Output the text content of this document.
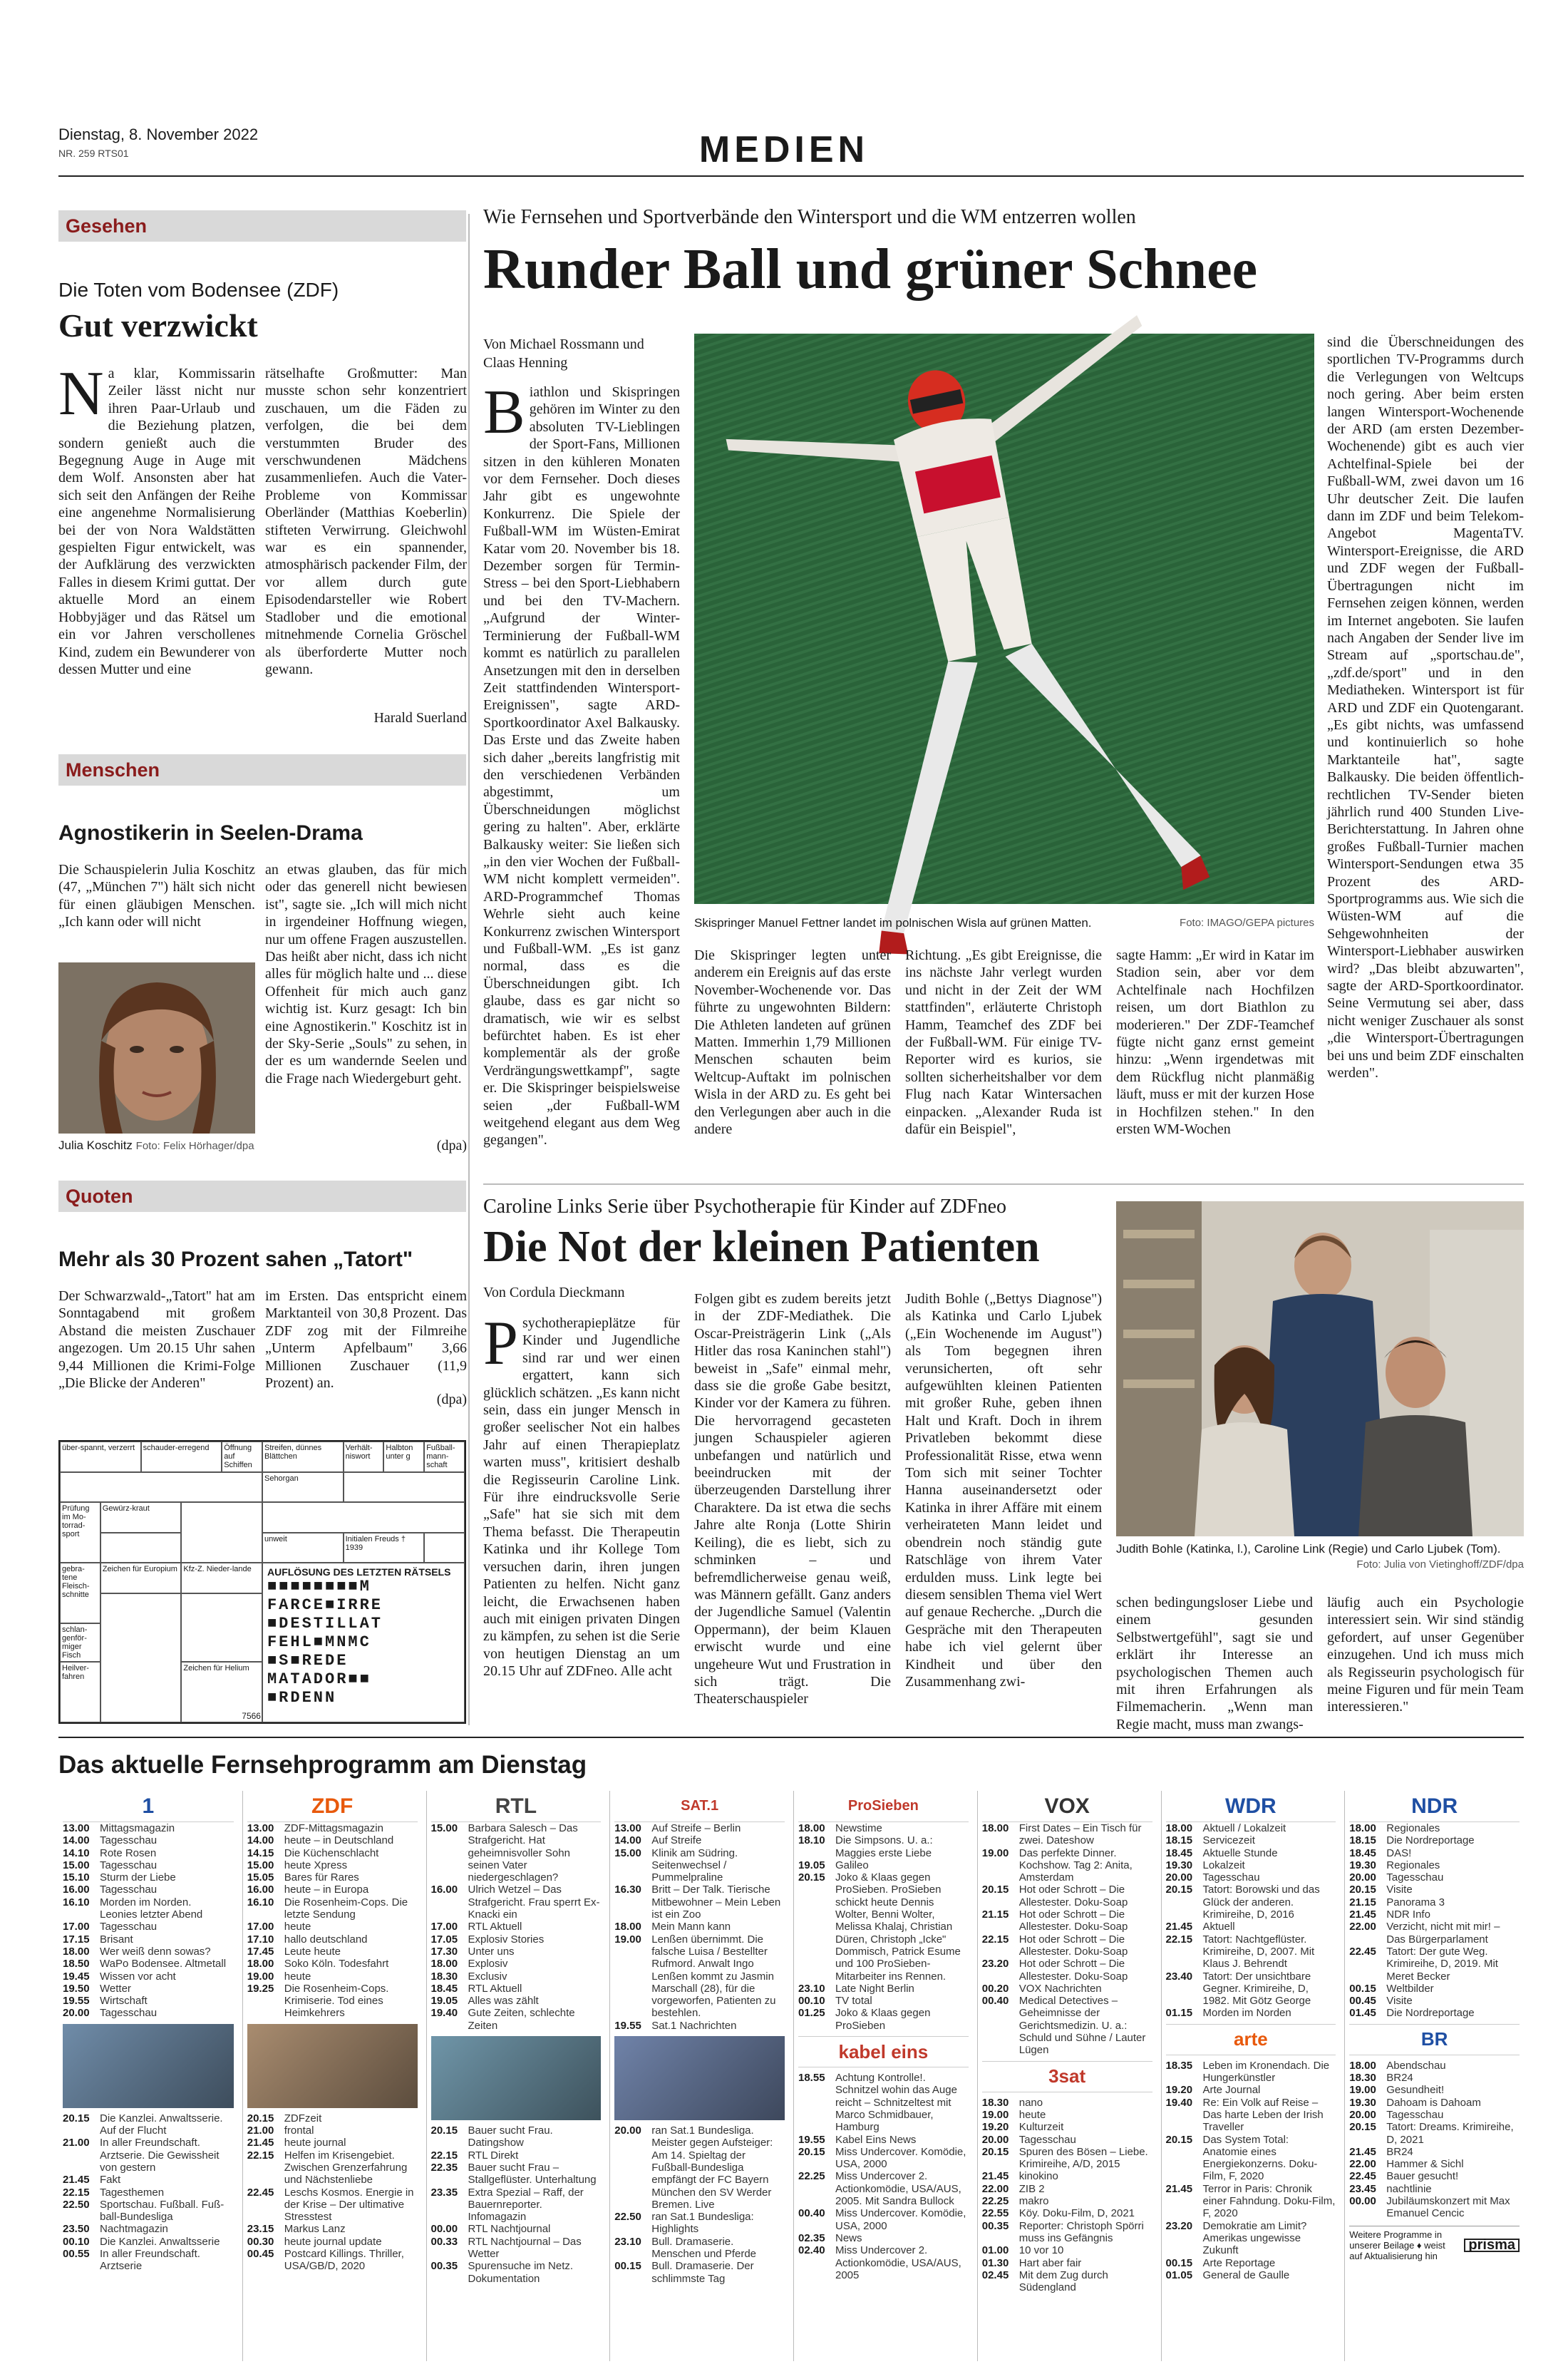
Dienstag, 8. November 2022
NR. 259 RTS01	MEDIEN
Gesehen
Die Toten vom Bodensee (ZDF)
Gut verzwickt
Na klar, Kommissarin Zeiler lässt nicht nur ihren Paar-Urlaub und die Beziehung platzen, sondern genießt auch die Begegnung Auge in Auge mit dem Wolf. Ansonsten aber hat sich seit den Anfängen der Reihe eine angenehme Normalisierung bei der von Nora Waldstätten gespielten Figur entwickelt, was der Aufklärung des verzwickten Falles in diesem Krimi guttat. Der aktuelle Mord an einem Hobbyjäger und das Rätsel um ein vor Jahren verschollenes Kind, zudem ein Bewunderer von dessen Mutter und eine
rätselhafte Großmutter: Man musste schon sehr konzentriert zuschauen, um die Fäden zu verfolgen, die bei dem verstummten Bruder des verschwundenen Mädchens zusammenliefen. Auch die Vater-Probleme von Kommissar Oberländer (Matthias Koeberlin) stifteten Verwirrung. Gleichwohl war es ein spannender, atmosphärisch packender Film, der vor allem durch gute Episodendarsteller wie Robert Stadlober und die emotional mitnehmende Cornelia Gröschel als überforderte Mutter noch gewann.
Harald Suerland
Menschen
Agnostikerin in Seelen-Drama
Die Schauspielerin Julia Koschitz (47, „München 7") hält sich nicht für einen gläubigen Menschen. „Ich kann oder will nicht
Julia Koschitz Foto: Felix Hörhager/dpa
an etwas glauben, das für mich oder das generell nicht bewiesen ist", sagte sie. „Ich will mich nicht in irgendeiner Hoffnung wiegen, nur um offene Fragen auszustellen. Das heißt aber nicht, dass ich nicht alles für möglich halte und ... diese Offenheit für mich auch ganz wichtig ist. Kurz gesagt: Ich bin eine Agnostikerin." Koschitz ist in der Sky-Serie „Souls" zu sehen, in der es um wandernde Seelen und die Frage nach Wiedergeburt geht.
(dpa)
Quoten
Mehr als 30 Prozent sahen „Tatort"
Der Schwarzwald-„Tatort" hat am Sonntagabend mit großem Abstand die meisten Zuschauer angezogen. Um 20.15 Uhr sahen 9,44 Millionen die Krimi-Folge „Die Blicke der Anderen"
im Ersten. Das entspricht einem Marktanteil von 30,8 Prozent. Das ZDF zog mit der Filmreihe „Unterm Apfelbaum" 3,66 Millionen Zuschauer (11,9 Prozent) an.
(dpa)
über-spannt, verzerrt	schauder-erregend	Öffnung auf Schiffen
Streifen, dünnes Blättchen
Verhält-niswort
Halbton unter g
Fußball-mann-schaft
Sehorgan
Prüfung im Mo-torrad-sport
Gewürz-kraut
unweit	Initialen Freuds † 1939
gebra-tene Fleisch-schnitte
Zeichen für Europium Kfz-Z. Nieder-lande
schlan-genför-miger Fisch
Heilver-fahren
Zeichen für Helium
AUFLÖSUNG DES LETZTEN RÄTSELS
■■■■■■■■M
FARCE■IRRE
■DESTILLAT
FEHL■MNMC
■S■REDE
MATADOR■■
■RDENN
7566
Wie Fernsehen und Sportverbände den Wintersport und die WM entzerren wollen
Runder Ball und grüner Schnee
Von Michael Rossmann und Claas Henning
Biathlon und Skispringen gehören im Winter zu den absoluten TV-Lieblingen der Sport-Fans, Millionen sitzen in den kühleren Monaten vor dem Fernseher. Doch dieses Jahr gibt es ungewohnte Konkurrenz. Die Spiele der Fußball-WM im Wüsten-Emirat Katar vom 20. November bis 18. Dezember sorgen für Termin-Stress – bei den Sport-Liebhabern und bei den TV-Machern. „Aufgrund der Winter-Terminierung der Fußball-WM kommt es natürlich zu parallelen Ansetzungen mit den in derselben Zeit stattfindenden Wintersport-Ereignissen", sagte ARD-Sportkoordinator Axel Balkausky. Das Erste und das Zweite haben sich daher „bereits langfristig mit den verschiedenen Verbänden abgestimmt, um Überschneidungen möglichst gering zu halten". Aber, erklärte Balkausky weiter: Sie ließen sich „in den vier Wochen der Fußball-WM nicht komplett vermeiden". ARD-Programmchef Thomas Wehrle sieht auch keine Konkurrenz zwischen Wintersport und Fußball-WM. „Es ist ganz normal, dass es die Überschneidungen gibt. Ich glaube, dass es gar nicht so dramatisch, wie wir es selbst befürchtet haben. Es ist eher komplementär als der große Verdrängungswettkampf", sagte er. Die Skispringer beispielsweise seien „der Fußball-WM weitgehend elegant aus dem Weg gegangen".
Skispringer Manuel Fettner landet im polnischen Wisla auf grünen Matten.	Foto: IMAGO/GEPA pictures
Die Skispringer legten unter anderem ein Ereignis auf das erste November-Wochenende vor. Das führte zu ungewohnten Bildern: Die Athleten landeten auf grünen Matten. Immerhin 1,79 Millionen Menschen schauten beim Weltcup-Auftakt im polnischen Wisla in der ARD zu. Es geht bei den Verlegungen aber auch in die andere
Richtung. „Es gibt Ereignisse, die ins nächste Jahr verlegt wurden und nicht in der Zeit der WM stattfinden", erläuterte Christoph Hamm, Teamchef des ZDF bei der Fußball-WM. Für einige TV-Reporter wird es kurios, sie sollten sicherheitshalber vor dem Flug nach Katar Wintersachen einpacken. „Alexander Ruda ist dafür ein Beispiel",
sagte Hamm: „Er wird in Katar im Stadion sein, aber vor dem Achtelfinale nach Hochfilzen reisen, um dort Biathlon zu moderieren." Der ZDF-Teamchef fügte nicht ganz ernst gemeint hinzu: „Wenn irgendetwas mit dem Rückflug nicht planmäßig läuft, muss er mit der kurzen Hose in Hochfilzen stehen." In den ersten WM-Wochen
sind die Überschneidungen des sportlichen TV-Programms durch die Verlegungen von Weltcups noch gering. Aber beim ersten langen Wintersport-Wochenende der ARD (am ersten Dezember-Wochenende) gibt es auch vier Achtelfinal-Spiele bei der Fußball-WM, zwei davon um 16 Uhr deutscher Zeit. Die laufen dann im ZDF und beim Telekom-Angebot MagentaTV. Wintersport-Ereignisse, die ARD und ZDF wegen der Fußball-Übertragungen nicht im Fernsehen zeigen können, werden im Internet angeboten. Sie laufen nach Angaben der Sender live im Stream auf „sportschau.de", „zdf.de/sport" und in den Mediatheken. Wintersport ist für ARD und ZDF ein Quotengarant. „Es gibt nichts, was umfassend und kontinuierlich so hohe Marktanteile hat", sagte Balkausky. Die beiden öffentlich-rechtlichen TV-Sender bieten jährlich rund 400 Stunden Live-Berichterstattung. In Jahren ohne großes Fußball-Turnier machen Wintersport-Sendungen etwa 35 Prozent des ARD-Sportprogramms aus. Wie sich die Wüsten-WM auf die Sehgewohnheiten der Wintersport-Liebhaber auswirken wird? „Das bleibt abzuwarten", sagte der ARD-Sportkoordinator. Seine Vermutung sei aber, dass nicht weniger Zuschauer als sonst „die Wintersport-Übertragungen bei uns und beim ZDF einschalten werden".
Caroline Links Serie über Psychotherapie für Kinder auf ZDFneo
Die Not der kleinen Patienten
Von Cordula Dieckmann
Psychotherapieplätze für Kinder und Jugendliche sind rar und wer einen ergattert, kann sich glücklich schätzen. „Es kann nicht sein, dass ein junger Mensch in großer seelischer Not ein halbes Jahr auf einen Therapieplatz warten muss", kritisiert deshalb die Regisseurin Caroline Link. Für ihre eindrucksvolle Serie „Safe" hat sie sich mit dem Thema befasst. Die Therapeutin Katinka und ihr Kollege Tom versuchen darin, ihren jungen Patienten zu helfen. Nicht ganz leicht, die Erwachsenen haben auch mit einigen privaten Dingen zu kämpfen, zu sehen ist die Serie von heutigen Dienstag an um 20.15 Uhr auf ZDFneo. Alle acht
Folgen gibt es zudem bereits jetzt in der ZDF-Mediathek. Die Oscar-Preisträgerin Link („Als Hitler das rosa Kaninchen stahl") beweist in „Safe" einmal mehr, dass sie die große Gabe besitzt, Kinder vor der Kamera zu führen. Die hervorragend gecasteten jungen Schauspieler agieren unbefangen und natürlich und beeindrucken mit der überzeugenden Darstellung ihrer Charaktere. Da ist etwa die sechs Jahre alte Ronja (Lotte Shirin Keiling), die es liebt, sich zu schminken – und befremdlicherweise genau weiß, was Männern gefällt. Ganz anders der Jugendliche Samuel (Valentin Oppermann), der beim Klauen erwischt wurde und eine ungeheure Wut und Frustration in sich trägt. Die Theaterschauspieler
Judith Bohle („Bettys Diagnose") als Katinka und Carlo Ljubek („Ein Wochenende im August") als Tom begegnen ihren verunsicherten, oft sehr aufgewühlten kleinen Patienten mit großer Ruhe, geben ihnen Halt und Kraft. Doch in ihrem Privatleben bekommt diese Professionalität Risse, etwa wenn Tom sich mit seiner Tochter Hanna auseinandersetzt oder Katinka in ihrer Affäre mit einem verheirateten Mann leidet und obendrein noch ständig gute Ratschläge von ihrem Vater erdulden muss. Link legte bei diesem sensiblen Thema viel Wert auf genaue Recherche. „Durch die Gespräche mit den Therapeuten habe ich viel gelernt über Kindheit und über den Zusammenhang zwi-
Judith Bohle (Katinka, l.), Caroline Link (Regie) und Carlo Ljubek (Tom).
Foto: Julia von Vietinghoff/ZDF/dpa
schen bedingungsloser Liebe und einem gesunden Selbstwertgefühl", sagt sie und erklärt ihr Interesse an psychologischen Themen auch mit ihren Erfahrungen als Filmemacherin. „Wenn man Regie macht, muss man zwangs-
läufig auch ein Psychologie interessiert sein. Wir sind ständig gefordert, auf unser Gegenüber einzugehen. Und ich muss mich als Regisseurin psychologisch für meine Figuren und für mein Team interessieren."
Das aktuelle Fernsehprogramm am Dienstag
1
13.00 Mittagsmagazin
14.00 Tagesschau
14.10 Rote Rosen
15.00 Tagesschau
15.10 Sturm der Liebe
16.00 Tagesschau
16.10 Morden im Norden.
Leonies letzter Abend
17.00 Tagesschau
17.15 Brisant
18.00 Wer weiß denn sowas?
18.50 WaPo Bodensee. Altmetall
19.45 Wissen vor acht
19.50 Wetter
19.55 Wirtschaft
20.00 Tagesschau
20.15 Die Kanzlei. Anwaltsserie. Auf der Flucht
21.00 In aller Freundschaft. Arztserie. Die Gewissheit von gestern
21.45 Fakt
22.15 Tagesthemen
22.50 Sportschau. Fußball. Fuß-ball-Bundesliga
23.50 Nachtmagazin
00.10 Die Kanzlei. Anwaltsserie
00.55 In aller Freundschaft. Arztserie
ZDF
13.00 ZDF-Mittagsmagazin
14.00 heute – in Deutschland
14.15 Die Küchenschlacht
15.00 heute Xpress
15.05 Bares für Rares
16.00 heute – in Europa
16.10 Die Rosenheim-Cops. Die letzte Sendung
17.00 heute
17.10 hallo deutschland
17.45 Leute heute
18.00 Soko Köln. Todesfahrt
19.00 heute
19.25 Die Rosenheim-Cops. Krimiserie. Tod eines Heimkehrers
20.15 ZDFzeit
21.00 frontal
21.45 heute journal
22.15 Helfen im Krisengebiet. Zwischen Grenzerfahrung und Nächstenliebe
22.45 Leschs Kosmos. Energie in der Krise – Der ultimative Stresstest
23.15 Markus Lanz
00.30 heute journal update
00.45 Postcard Killings. Thriller, USA/GB/D, 2020
RTL
15.00 Barbara Salesch – Das Strafgericht. Hat geheimnisvoller Sohn seinen Vater niedergeschlagen?
16.00 Ulrich Wetzel – Das Strafgericht. Frau sperrt Ex-Knacki ein
17.00 RTL Aktuell
17.05 Explosiv Stories
17.30 Unter uns
18.00 Explosiv
18.30 Exclusiv
18.45 RTL Aktuell
19.05 Alles was zählt
19.40 Gute Zeiten, schlechte Zeiten
20.15 Bauer sucht Frau. Datingshow
22.15 RTL Direkt
22.35 Bauer sucht Frau – Stallgeflüster. Unterhaltung
23.35 Extra Spezial – Raff, der Bauernreporter. Infomagazin
00.00 RTL Nachtjournal
00.33 RTL Nachtjournal – Das Wetter
00.35 Spurensuche im Netz. Dokumentation
SAT.1
13.00 Auf Streife – Berlin
14.00 Auf Streife
15.00 Klinik am Südring. Seitenwechsel / Pummelpraline
16.30 Britt – Der Talk. Tierische Mitbewohner – Mein Leben ist ein Zoo
18.00 Mein Mann kann
19.00 Lenßen übernimmt. Die falsche Luisa / Bestellter Rufmord. Anwalt Ingo Lenßen kommt zu Jasmin Marschall (28), für die vorgeworfen, Patienten zu bestehlen.
19.55 Sat.1 Nachrichten
20.00 ran Sat.1 Bundesliga. Meister gegen Aufsteiger: Am 14. Spieltag der Fußball-Bundesliga empfängt der FC Bayern München den SV Werder Bremen. Live
22.50 ran Sat.1 Bundesliga: Highlights
23.10 Bull. Dramaserie. Menschen und Pferde
00.15 Bull. Dramaserie. Der schlimmste Tag
ProSieben
18.00 Newstime
18.10 Die Simpsons. U. a.: Maggies erste Liebe
19.05 Galileo
20.15 Joko & Klaas gegen ProSieben. ProSieben schickt heute Dennis Wolter, Benni Wolter, Melissa Khalaj, Christian Düren, Christoph „Icke" Dommisch, Patrick Esume und 100 ProSieben-Mitarbeiter ins Rennen.
23.10 Late Night Berlin
00.10 TV total
01.25 Joko & Klaas gegen ProSieben
kabel eins
18.55 Achtung Kontrolle!. Schnitzel wohin das Auge reicht – Schnitzeltest mit Marco Schmidbauer, Hamburg
19.55 Kabel Eins News
20.15 Miss Undercover. Komödie, USA, 2000
22.25 Miss Undercover 2. Actionkomödie, USA/AUS, 2005. Mit Sandra Bullock
00.40 Miss Undercover. Komödie, USA, 2000
02.35 News
02.40 Miss Undercover 2. Actionkomödie, USA/AUS, 2005
VOX
18.00 First Dates – Ein Tisch für zwei. Dateshow
19.00 Das perfekte Dinner. Kochshow. Tag 2: Anita, Amsterdam
20.15 Hot oder Schrott – Die Allestester. Doku-Soap
21.15 Hot oder Schrott – Die Allestester. Doku-Soap
22.15 Hot oder Schrott – Die Allestester. Doku-Soap
23.20 Hot oder Schrott – Die Allestester. Doku-Soap
00.20 VOX Nachrichten
00.40 Medical Detectives – Geheimnisse der Gerichtsmedizin. U. a.: Schuld und Sühne / Lauter Lügen
3sat
18.30 nano
19.00 heute
19.20 Kulturzeit
20.00 Tagesschau
20.15 Spuren des Bösen – Liebe. Krimireihe, A/D, 2015
21.45 kinokino
22.00 ZIB 2
22.25 makro
22.55 Köy. Doku-Film, D, 2021
00.35 Reporter: Christoph Spörri muss ins Gefängnis
01.00 10 vor 10
01.30 Hart aber fair
02.45 Mit dem Zug durch Südengland
WDR
18.00 Aktuell / Lokalzeit
18.15 Servicezeit
18.45 Aktuelle Stunde
19.30 Lokalzeit
20.00 Tagesschau
20.15 Tatort: Borowski und das Glück der anderen. Krimireihe, D, 2016
21.45 Aktuell
22.15 Tatort: Nachtgeflüster. Krimireihe, D, 2007. Mit Klaus J. Behrendt
23.40 Tatort: Der unsichtbare Gegner. Krimireihe, D, 1982. Mit Götz George
01.15 Morden im Norden
arte
18.35 Leben im Kronendach. Die Hungerkünstler
19.20 Arte Journal
19.40 Re: Ein Volk auf Reise – Das harte Leben der Irish Traveller
20.15 Das System Total: Anatomie eines Energiekonzerns. Doku-Film, F, 2020
21.45 Terror in Paris: Chronik einer Fahndung. Doku-Film, F, 2020
23.20 Demokratie am Limit? Amerikas ungewisse Zukunft
00.15 Arte Reportage
01.05 General de Gaulle
NDR
18.00 Regionales
18.15 Die Nordreportage
18.45 DAS!
19.30 Regionales
20.00 Tagesschau
20.15 Visite
21.15 Panorama 3
21.45 NDR Info
22.00 Verzicht, nicht mit mir! – Das Bürgerparlament
22.45 Tatort: Der gute Weg. Krimireihe, D, 2019. Mit Meret Becker
00.15 Weltbilder
00.45 Visite
01.45 Die Nordreportage
BR
18.00 Abendschau
18.30 BR24
19.00 Gesundheit!
19.30 Dahoam is Dahoam
20.00 Tagesschau
20.15 Tatort: Dreams. Krimireihe, D, 2021
21.45 BR24
22.00 Hammer & Sichl
22.45 Bauer gesucht!
23.45 nachtlinie
00.00 Jubiläumskonzert mit Max Emanuel Cencic
Weitere Programme in unserer Beilage ♦ weist auf Aktualisierung hin
prisma
